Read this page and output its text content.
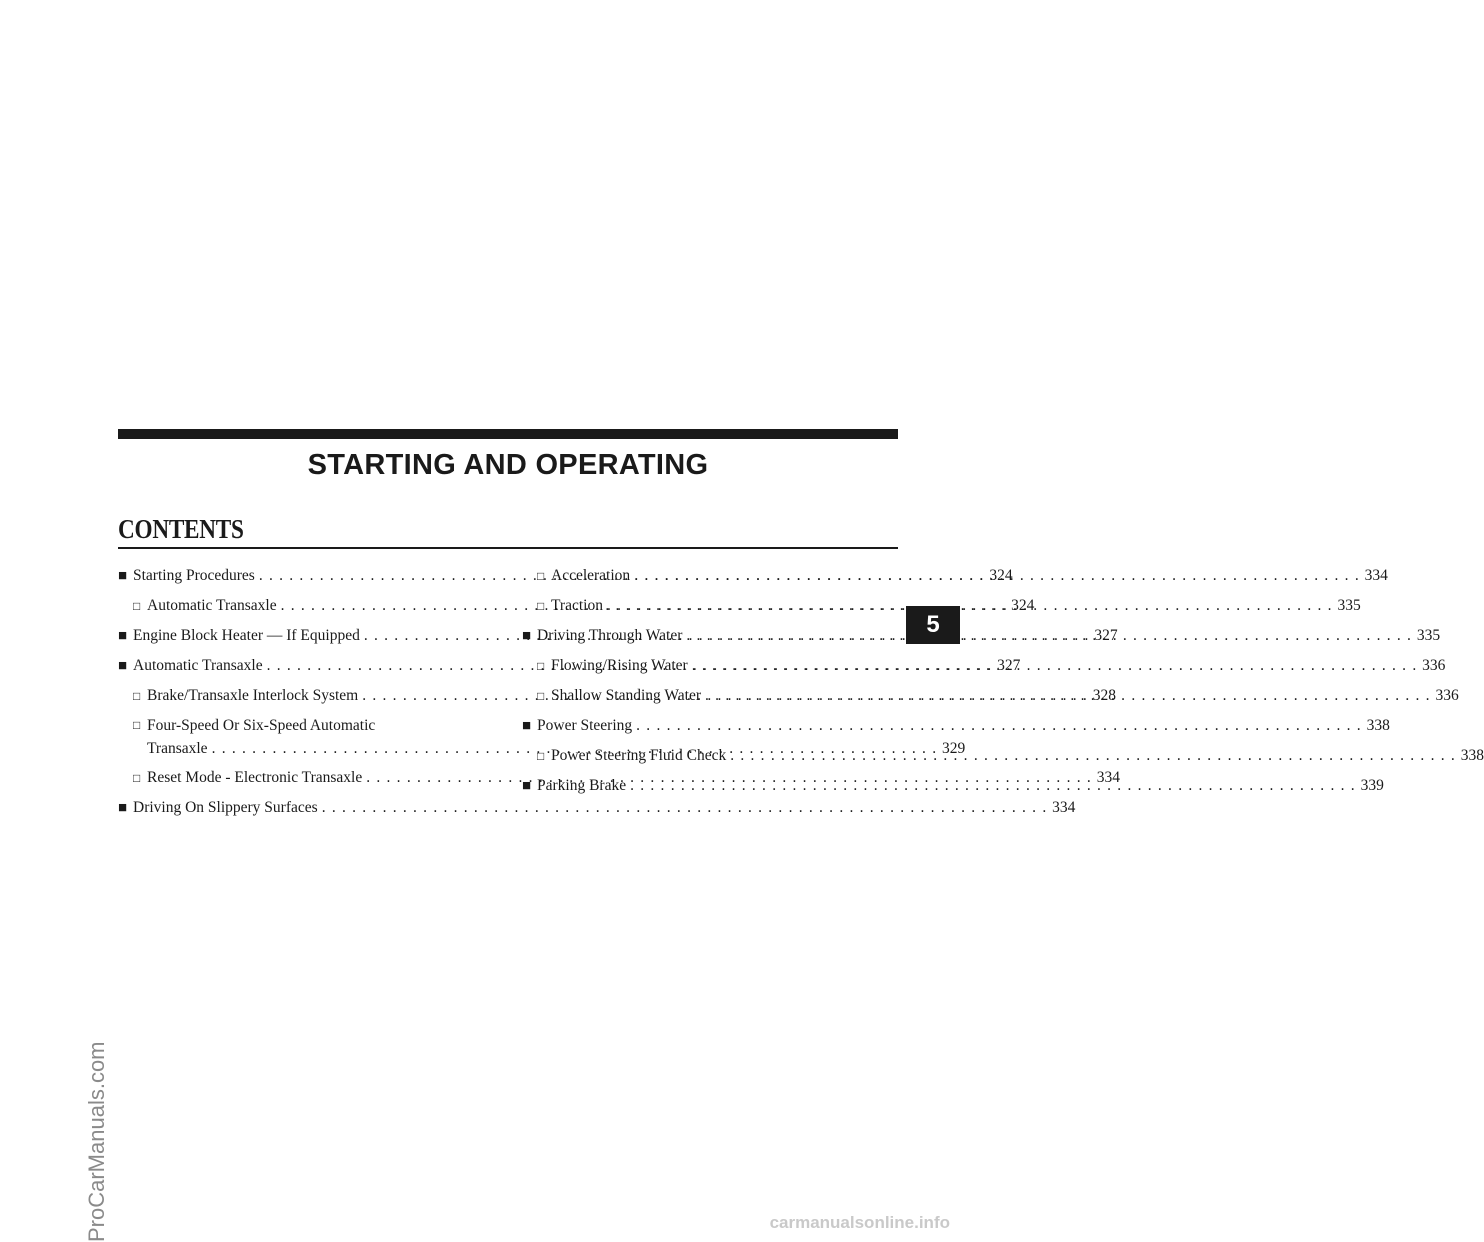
STARTING AND OPERATING
CONTENTS
■ Starting Procedures . . .	324
□ Automatic Transaxle . . .	324
■ Engine Block Heater — If Equipped . . .	327
■ Automatic Transaxle . . .	327
□ Brake/Transaxle Interlock System . . .	328
□ Four-Speed Or Six-Speed Automatic
Transaxle . . .	329
□ Reset Mode - Electronic Transaxle . . .	334
■ Driving On Slippery Surfaces . . .	334
□ Acceleration . . .	334
□ Traction . . .	335
■ Driving Through Water . . .	335
□ Flowing/Rising Water . . .	336
□ Shallow Standing Water . . .	336
■ Power Steering . . .	338
□ Power Steering Fluid Check . . .	338
■ Parking Brake . . .	339
ProCarManuals.com
5
carmanualsonline.info
